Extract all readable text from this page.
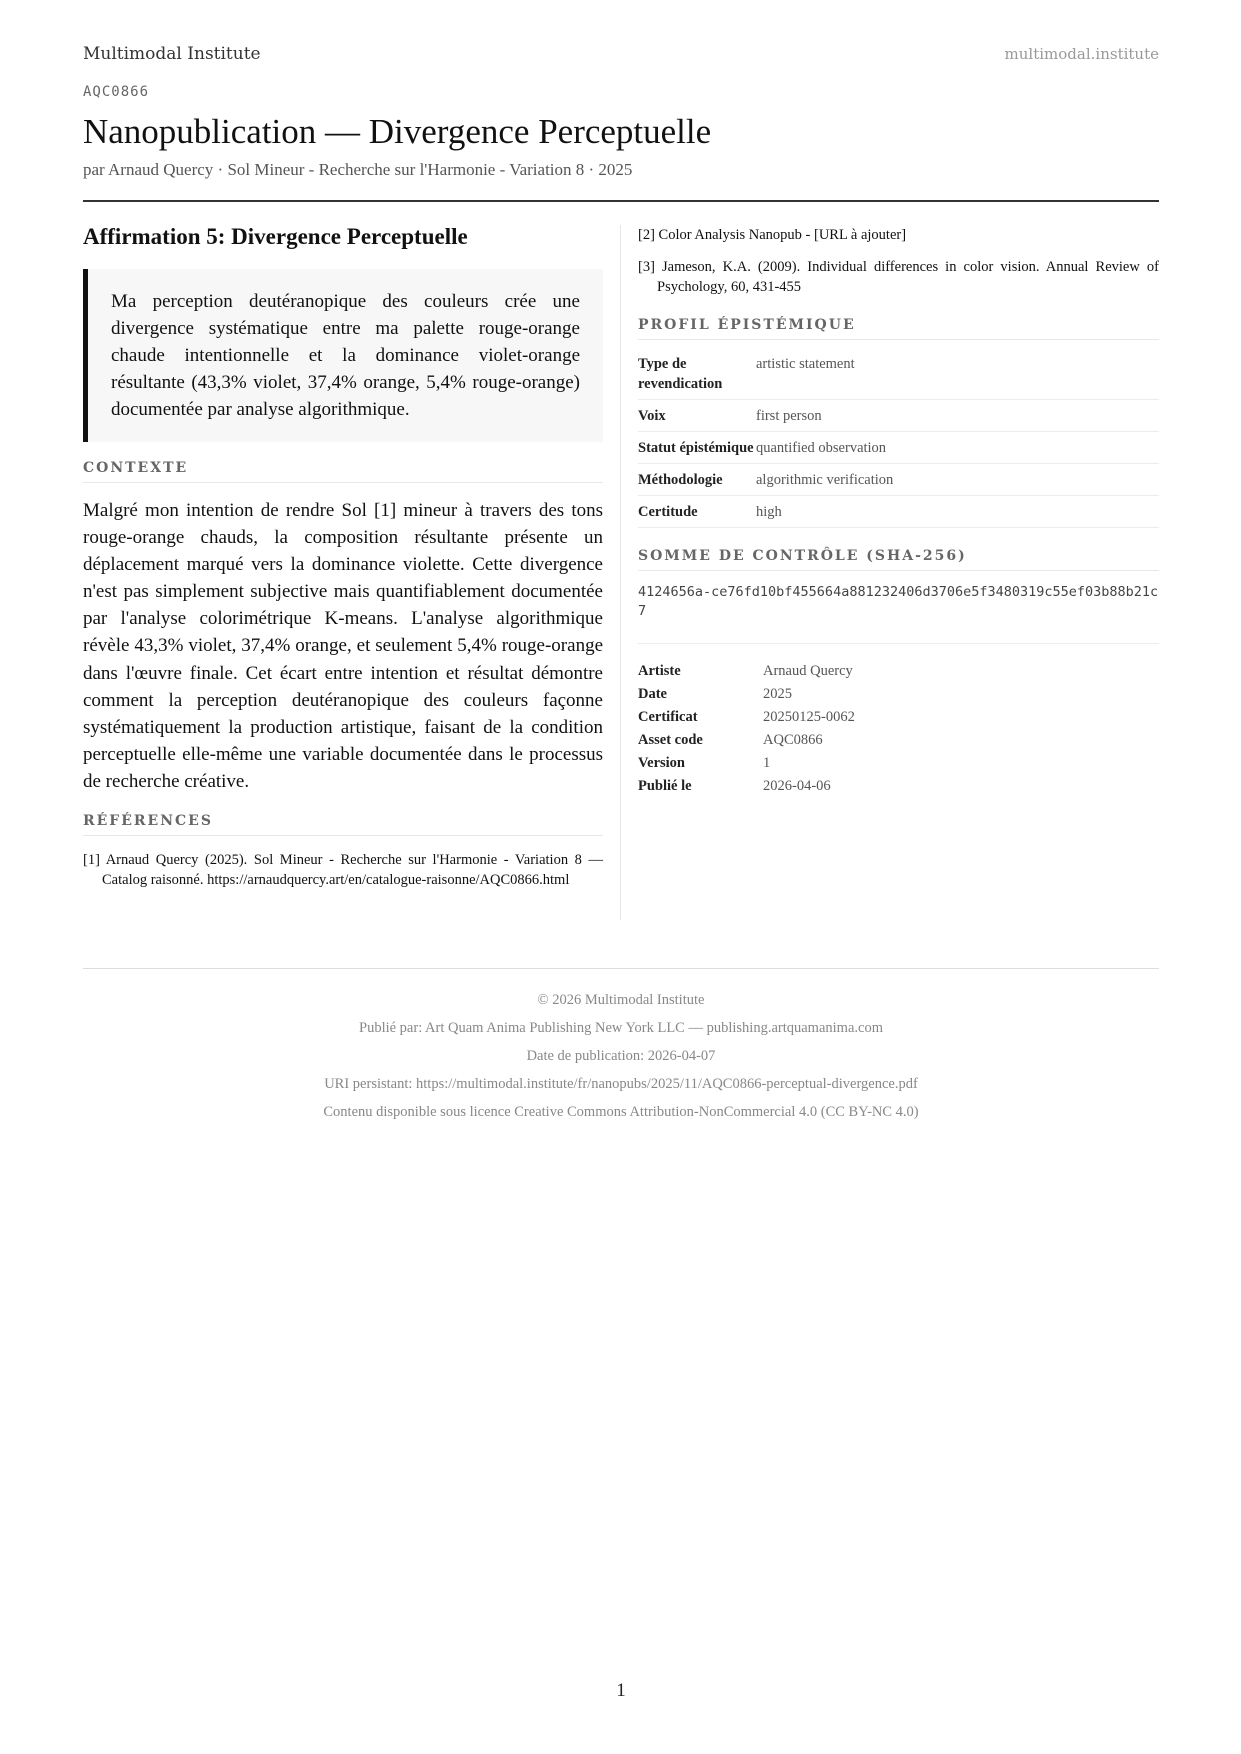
Multimodal Institute	multimodal.institute
AQC0866
Nanopublication — Divergence Perceptuelle
par Arnaud Quercy · Sol Mineur - Recherche sur l'Harmonie - Variation 8 · 2025
Affirmation 5: Divergence Perceptuelle
Ma perception deutéranopique des couleurs crée une divergence systématique entre ma palette rouge-orange chaude intentionnelle et la dominance violet-orange résultante (43,3% violet, 37,4% orange, 5,4% rouge-orange) documentée par analyse algorithmique.
CONTEXTE
Malgré mon intention de rendre Sol [1] mineur à travers des tons rouge-orange chauds, la composition résultante présente un déplacement marqué vers la dominance violette. Cette divergence n'est pas simplement subjective mais quantifiablement documentée par l'analyse colorimétrique K-means. L'analyse algorithmique révèle 43,3% violet, 37,4% orange, et seulement 5,4% rouge-orange dans l'œuvre finale. Cet écart entre intention et résultat démontre comment la perception deutéranopique des couleurs façonne systématiquement la production artistique, faisant de la condition perceptuelle elle-même une variable documentée dans le processus de recherche créative.
RÉFÉRENCES
[1] Arnaud Quercy (2025). Sol Mineur - Recherche sur l'Harmonie - Variation 8 — Catalog raisonné. https://arnaudquercy.art/en/catalogue-raisonne/AQC0866.html
[2] Color Analysis Nanopub - [URL à ajouter]
[3] Jameson, K.A. (2009). Individual differences in color vision. Annual Review of Psychology, 60, 431-455
PROFIL ÉPISTÉMIQUE
Type de revendication	artistic statement
Voix	first person
Statut épistémique	quantified observation
Méthodologie	algorithmic verification
Certitude	high
SOMME DE CONTRÔLE (SHA-256)
4124656a-ce76fd10bf455664a881232406d3706e5f3480319c55ef03b88b21c7
Artiste	Arnaud Quercy
Date	2025
Certificat	20250125-0062
Asset code	AQC0866
Version	1
Publié le	2026-04-06
© 2026 Multimodal Institute
Publié par: Art Quam Anima Publishing New York LLC — publishing.artquamanima.com
Date de publication: 2026-04-07
URI persistant: https://multimodal.institute/fr/nanopubs/2025/11/AQC0866-perceptual-divergence.pdf
Contenu disponible sous licence Creative Commons Attribution-NonCommercial 4.0 (CC BY-NC 4.0)
1
